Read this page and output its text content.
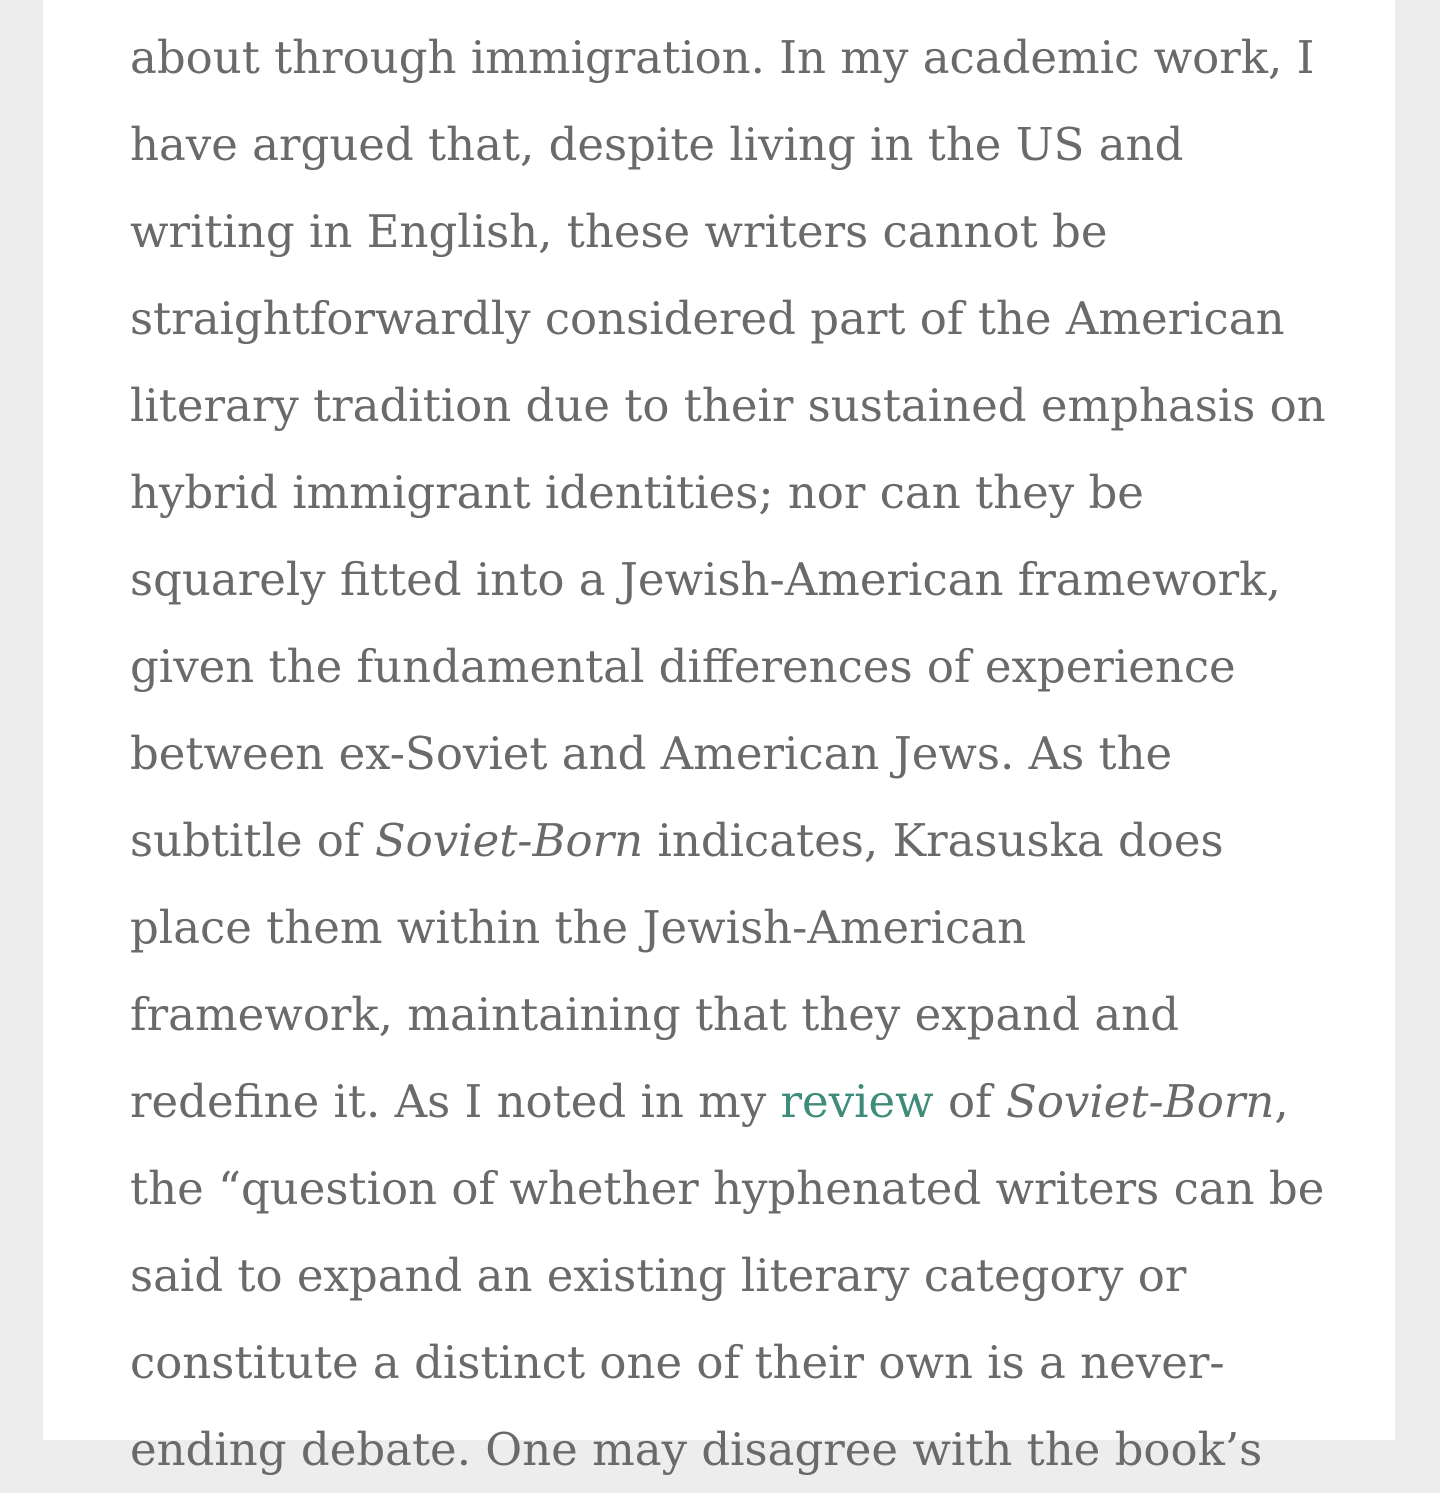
about through immigration. In my academic work, I
have argued that, despite living in the US and
writing in English, these writers cannot be
straightforwardly considered part of the American
literary tradition due to their sustained emphasis on
hybrid immigrant identities; nor can they be
squarely fitted into a Jewish-American framework,
given the fundamental differences of experience
between ex-Soviet and American Jews. As the
subtitle of Soviet-Born indicates, Krasuska does
place them within the Jewish-American
framework, maintaining that they expand and
redefine it. As I noted in my review of Soviet-Born,
the “question of whether hyphenated writers can be
said to expand an existing literary category or
constitute a distinct one of their own is a never-
ending debate. One may disagree with the book’s
